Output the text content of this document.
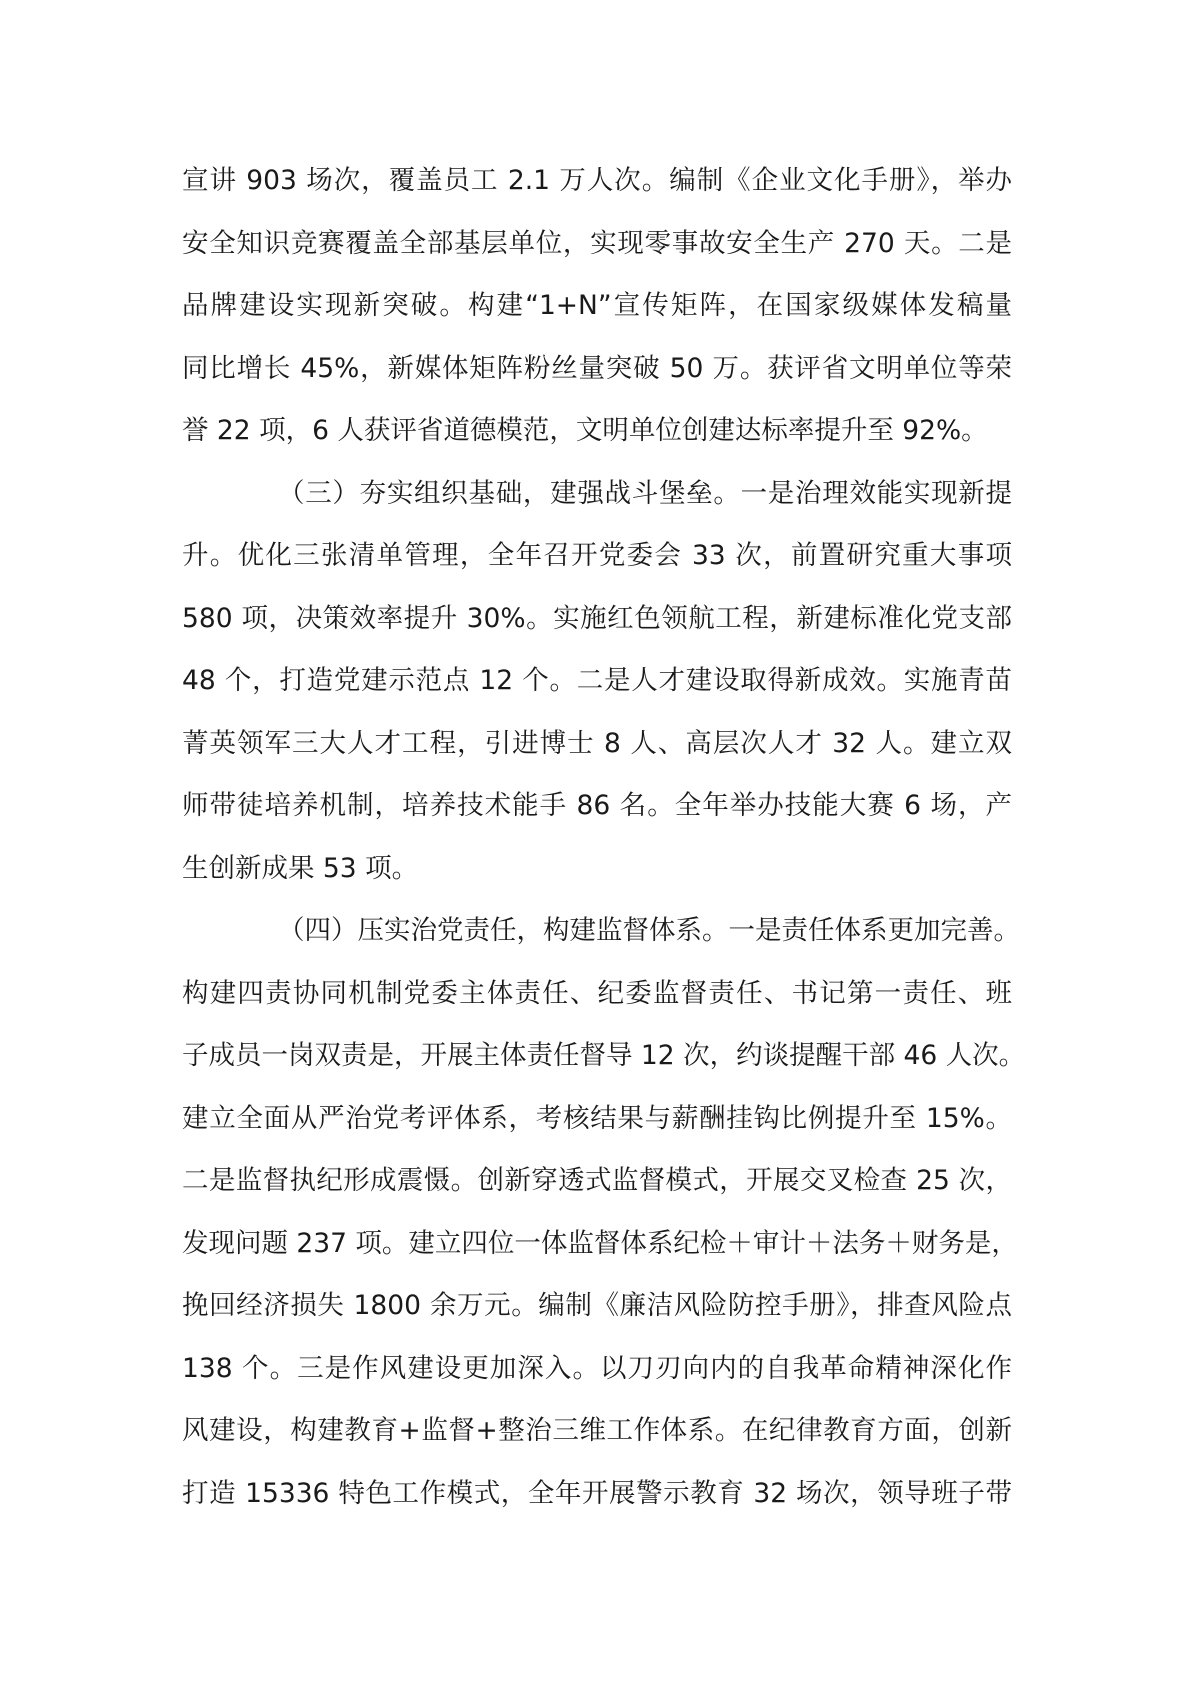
宣讲 903 场次，覆盖员工 2.1 万人次。编制《企业文化手册》，举办
安全知识竞赛覆盖全部基层单位，实现零事故安全生产 270 天。二是
品牌建设实现新突破。构建“1+N”宣传矩阵，在国家级媒体发稿量
同比增长 45%，新媒体矩阵粉丝量突破 50 万。获评省文明单位等荣
誉 22 项，6 人获评省道德模范，文明单位创建达标率提升至 92%。
（三）夯实组织基础，建强战斗堡垒。一是治理效能实现新提
升。优化三张清单管理，全年召开党委会 33 次，前置研究重大事项
580 项，决策效率提升 30%。实施红色领航工程，新建标准化党支部
48 个，打造党建示范点 12 个。二是人才建设取得新成效。实施青苗
菁英领军三大人才工程，引进博士 8 人、高层次人才 32 人。建立双
师带徒培养机制，培养技术能手 86 名。全年举办技能大赛 6 场，产
生创新成果 53 项。
（四）压实治党责任，构建监督体系。一是责任体系更加完善。
构建四责协同机制党委主体责任、纪委监督责任、书记第一责任、班
子成员一岗双责是，开展主体责任督导 12 次，约谈提醒干部 46 人次。
建立全面从严治党考评体系，考核结果与薪酬挂钩比例提升至 15%。
二是监督执纪形成震慑。创新穿透式监督模式，开展交叉检查 25 次，
发现问题 237 项。建立四位一体监督体系纪检＋审计＋法务＋财务是，
挽回经济损失 1800 余万元。编制《廉洁风险防控手册》，排查风险点
138 个。三是作风建设更加深入。以刀刃向内的自我革命精神深化作
风建设，构建教育+监督+整治三维工作体系。在纪律教育方面，创新
打造 15336 特色工作模式，全年开展警示教育 32 场次，领导班子带
